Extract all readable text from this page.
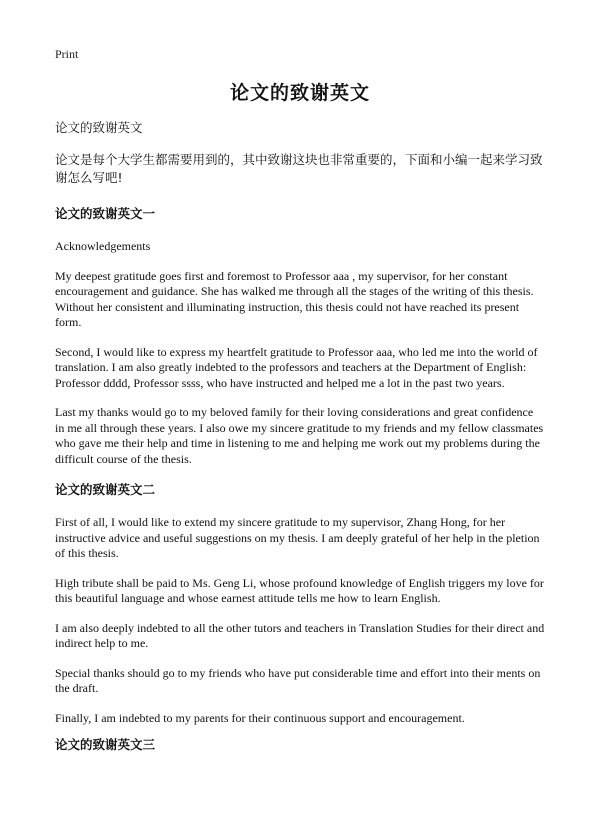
Print
论文的致谢英文

论文的致谢英文

论文是每个大学生都需要用到的，其中致谢这块也非常重要的，下面和小编一起来学习致谢怎么写吧!

论文的致谢英文一

Acknowledgements

My deepest gratitude goes first and foremost to Professor aaa , my supervisor, for her constant encouragement and guidance. She has walked me through all the stages of the writing of this thesis. Without her consistent and illuminating instruction, this thesis could not have reached its present form.

Second, I would like to express my heartfelt gratitude to Professor aaa, who led me into the world of translation. I am also greatly indebted to the professors and teachers at the Department of English: Professor dddd, Professor ssss, who have instructed and helped me a lot in the past two years.

Last my thanks would go to my beloved family for their loving considerations and great confidence in me all through these years. I also owe my sincere gratitude to my friends and my fellow classmates who gave me their help and time in listening to me and helping me work out my problems during the difficult course of the thesis.

论文的致谢英文二

First of all, I would like to extend my sincere gratitude to my supervisor, Zhang Hong, for her instructive advice and useful suggestions on my thesis. I am deeply grateful of her help in the pletion of this thesis.

High tribute shall be paid to Ms. Geng Li, whose profound knowledge of English triggers my love for this beautiful language and whose earnest attitude tells me how to learn English.

I am also deeply indebted to all the other tutors and teachers in Translation Studies for their direct and indirect help to me.

Special thanks should go to my friends who have put considerable time and effort into their ments on the draft.

Finally, I am indebted to my parents for their continuous support and encouragement.

论文的致谢英文三
